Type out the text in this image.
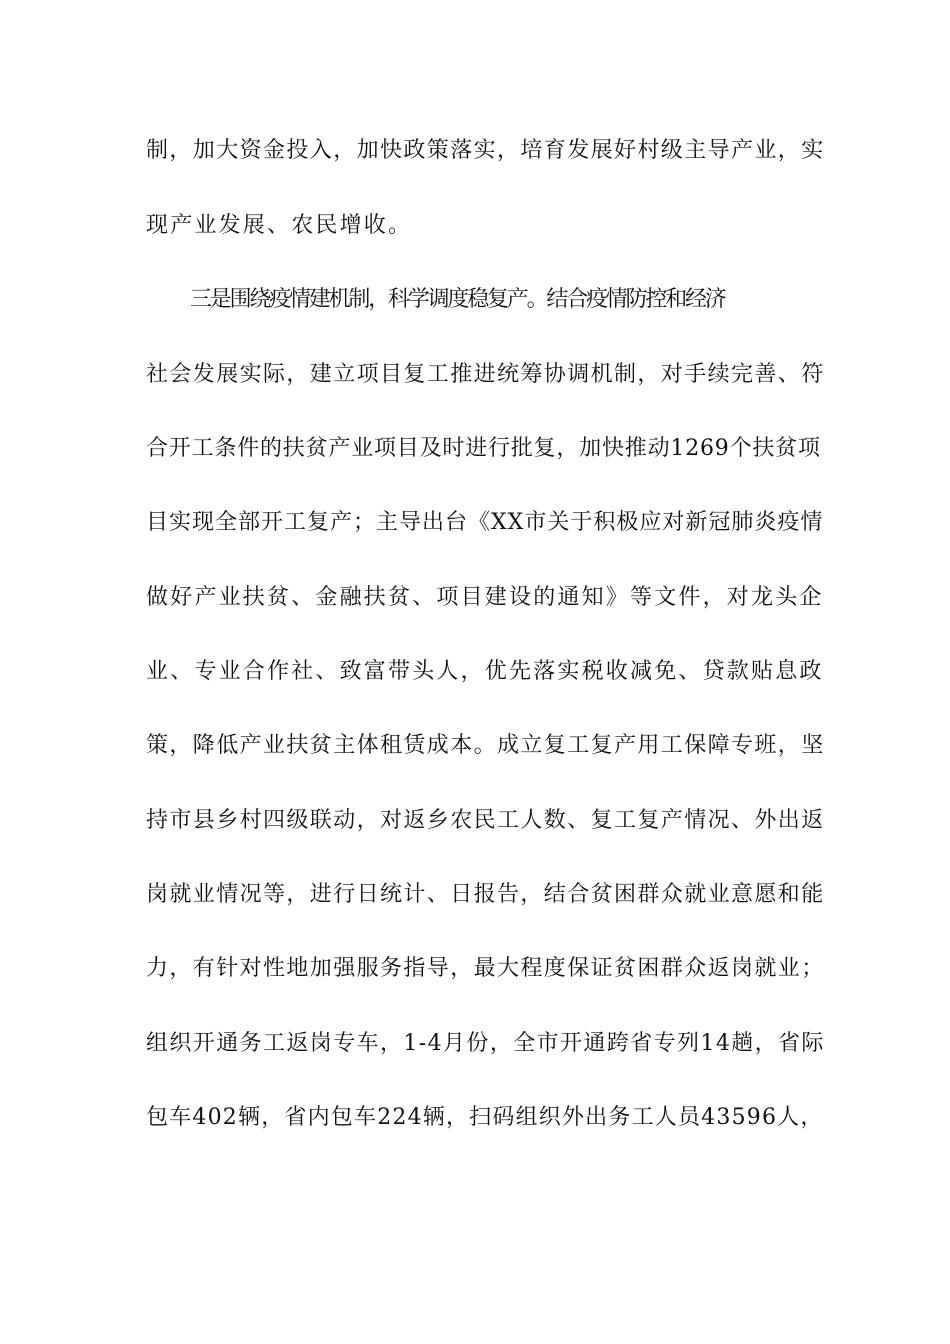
制，加大资金投入，加快政策落实，培育发展好村级主导产业，实
现产业发展、农民增收。
三是围绕疫情建机制，科学调度稳复产。结合疫情防控和经济
社会发展实际，建立项目复工推进统筹协调机制，对手续完善、符
合开工条件的扶贫产业项目及时进行批复，加快推动1269个扶贫项
目实现全部开工复产；主导出台《XX市关于积极应对新冠肺炎疫情
做好产业扶贫、金融扶贫、项目建设的通知》等文件，对龙头企
业、专业合作社、致富带头人，优先落实税收减免、贷款贴息政
策，降低产业扶贫主体租赁成本。成立复工复产用工保障专班，坚
持市县乡村四级联动，对返乡农民工人数、复工复产情况、外出返
岗就业情况等，进行日统计、日报告，结合贫困群众就业意愿和能
力，有针对性地加强服务指导，最大程度保证贫困群众返岗就业；
组织开通务工返岗专车，1-4月份，全市开通跨省专列14趟，省际
包车402辆，省内包车224辆，扫码组织外出务工人员43596人，
